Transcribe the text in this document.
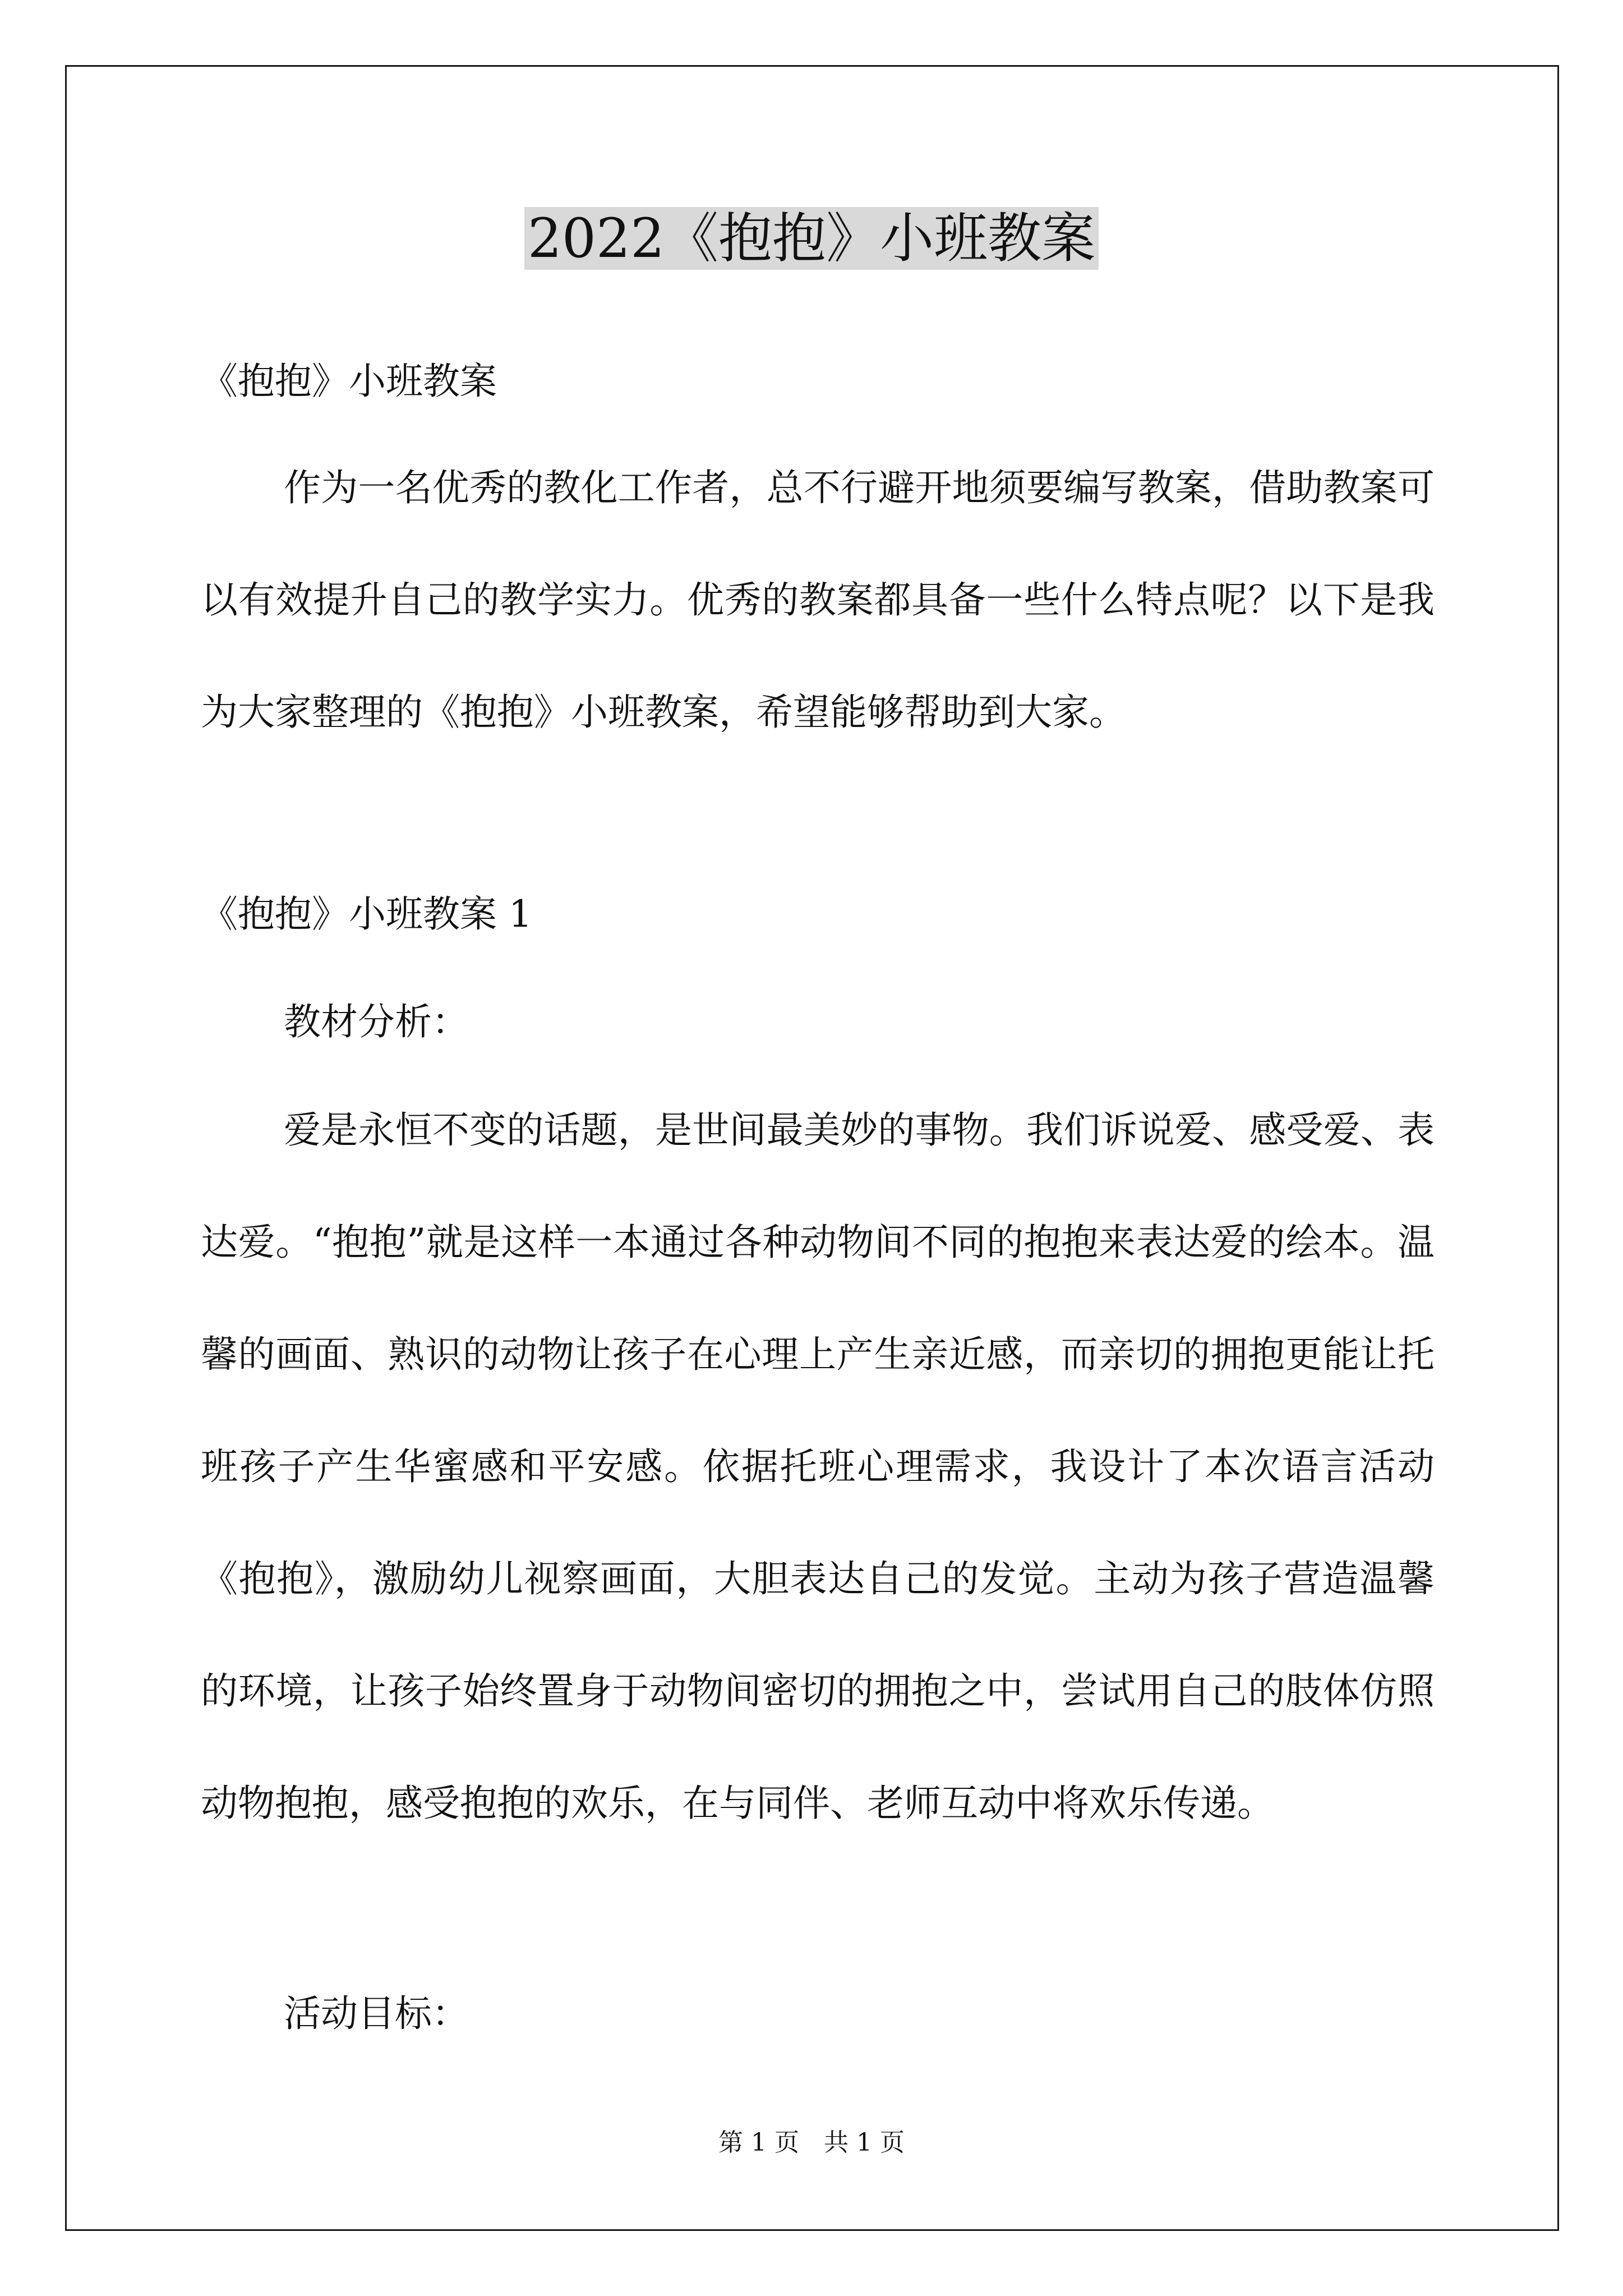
2022《抱抱》小班教案

《抱抱》小班教案

作为一名优秀的教化工作者，总不行避开地须要编写教案，借助教案可以有效提升自己的教学实力。优秀的教案都具备一些什么特点呢？以下是我为大家整理的《抱抱》小班教案，希望能够帮助到大家。

《抱抱》小班教案 1

教材分析：

爱是永恒不变的话题，是世间最美妙的事物。我们诉说爱、感受爱、表达爱。“抱抱”就是这样一本通过各种动物间不同的抱抱来表达爱的绘本。温馨的画面、熟识的动物让孩子在心理上产生亲近感，而亲切的拥抱更能让托班孩子产生华蜜感和平安感。依据托班心理需求，我设计了本次语言活动《抱抱》，激励幼儿视察画面，大胆表达自己的发觉。主动为孩子营造温馨的环境，让孩子始终置身于动物间密切的拥抱之中，尝试用自己的肢体仿照动物抱抱，感受抱抱的欢乐，在与同伴、老师互动中将欢乐传递。

活动目标：

第 1 页　共 1 页
